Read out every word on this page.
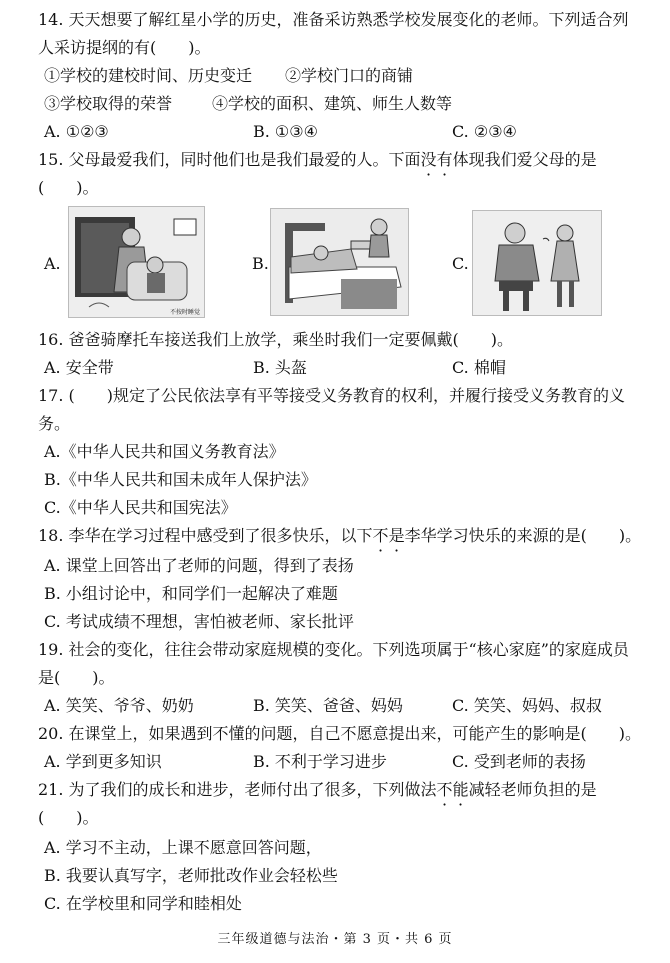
14. 天天想要了解红星小学的历史，准备采访熟悉学校发展变化的老师。下列适合列
人采访提纲的有(　　)。
①学校的建校时间、历史变迁 ②学校门口的商铺
③学校取得的荣誉 ④学校的面积、建筑、师生人数等
A. ①②③	B. ①③④	C. ②③④
15. 父母最爱我们，同时他们也是我们最爱的人。下面没有体现我们爱父母的是
(　　)。
A.
不按时睡觉
B.	C.
16. 爸爸骑摩托车接送我们上放学，乘坐时我们一定要佩戴(　　)。
A. 安全带	B. 头盔	C. 棉帽
17. (　　)规定了公民依法享有平等接受义务教育的权利，并履行接受义务教育的义
务。
A.《中华人民共和国义务教育法》
B.《中华人民共和国未成年人保护法》
C.《中华人民共和国宪法》
18. 李华在学习过程中感受到了很多快乐，以下不是李华学习快乐的来源的是(　　)。
A. 课堂上回答出了老师的问题，得到了表扬
B. 小组讨论中，和同学们一起解决了难题
C. 考试成绩不理想，害怕被老师、家长批评
19. 社会的变化，往往会带动家庭规模的变化。下列选项属于“核心家庭”的家庭成员
是(　　)。
A. 笑笑、爷爷、奶奶	B. 笑笑、爸爸、妈妈	C. 笑笑、妈妈、叔叔
20. 在课堂上，如果遇到不懂的问题，自己不愿意提出来，可能产生的影响是(　　)。
A. 学到更多知识	B. 不利于学习进步	C. 受到老师的表扬
21. 为了我们的成长和进步，老师付出了很多，下列做法不能减轻老师负担的是
(　　)。
A. 学习不主动，上课不愿意回答问题，
B. 我要认真写字，老师批改作业会轻松些
C. 在学校里和同学和睦相处
三年级道德与法治・第 3 页・共 6 页
